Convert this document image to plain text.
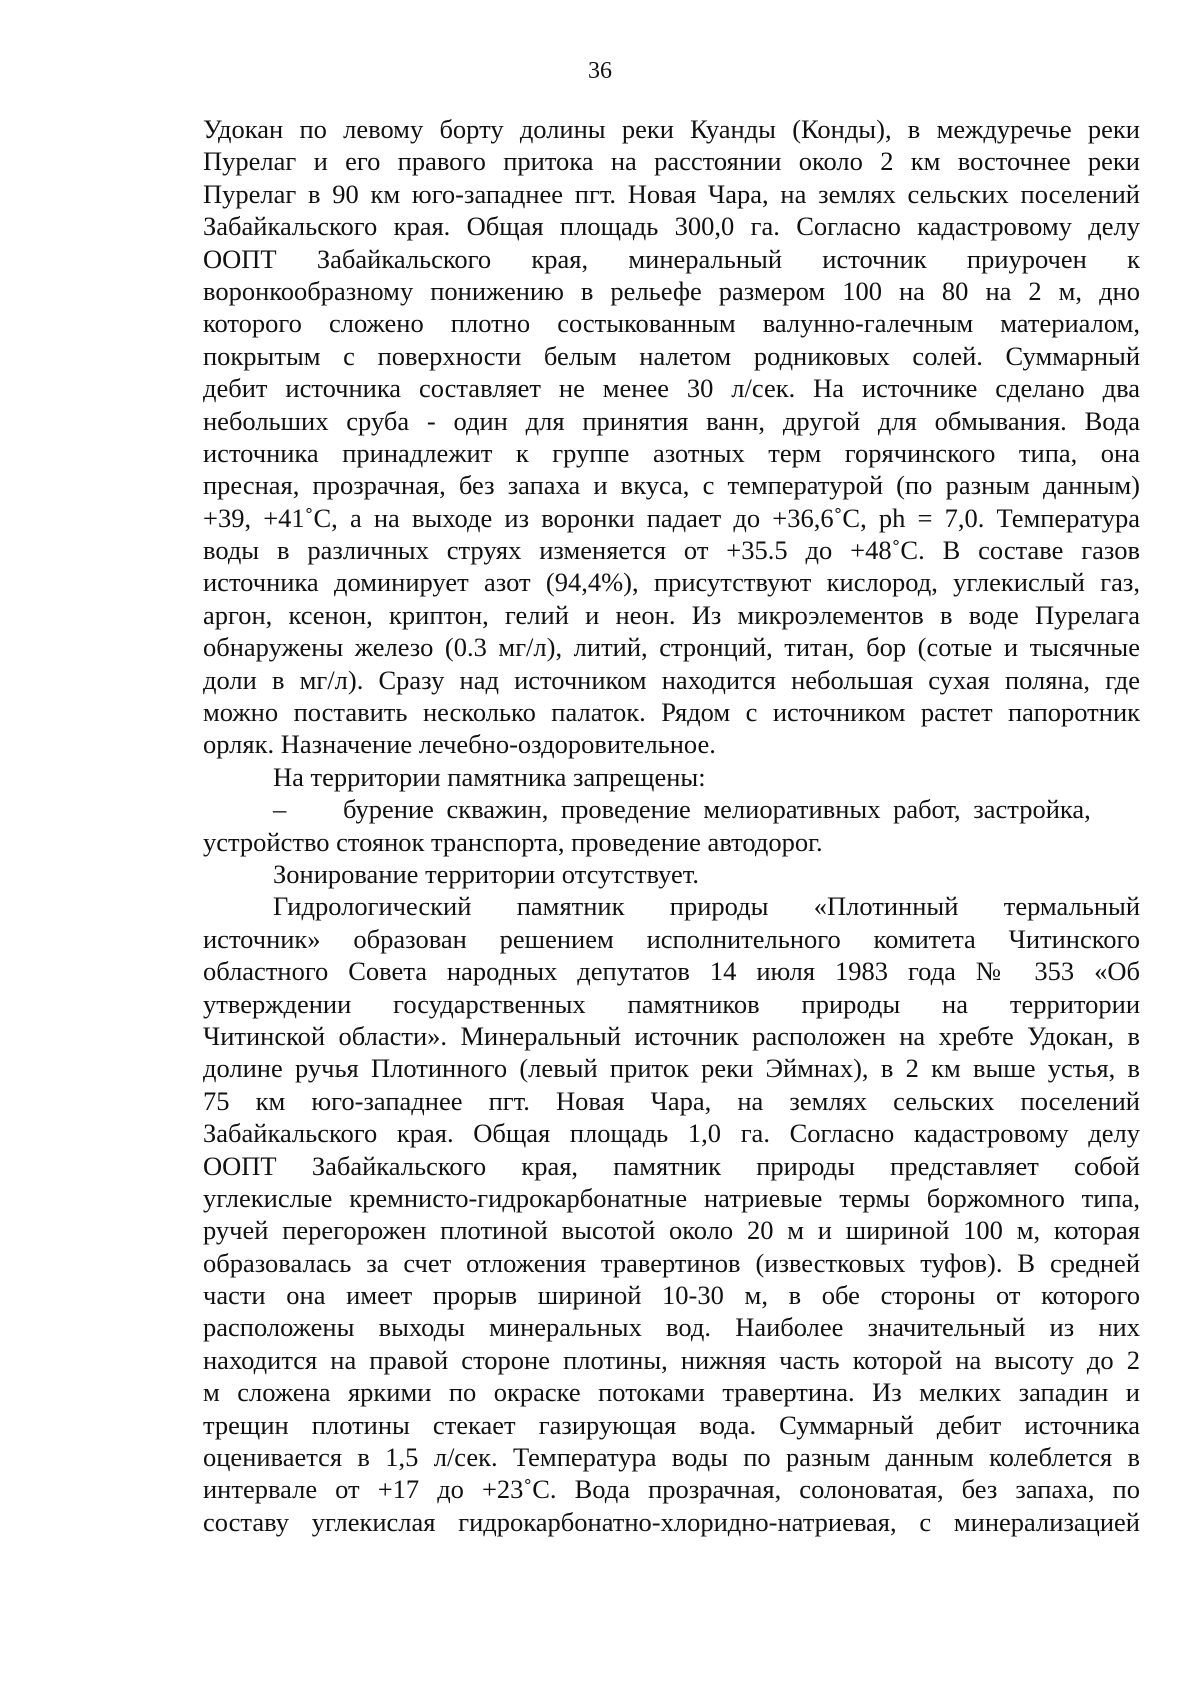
36
Удокан по левому борту долины реки Куанды (Конды), в междуречье реки
Пурелаг и его правого притока на расстоянии около 2 км восточнее реки
Пурелаг в 90 км юго-западнее пгт. Новая Чара, на землях сельских поселений
Забайкальского края. Общая площадь 300,0 га. Согласно кадастровому делу
ООПТ Забайкальского края, минеральный источник приурочен к
воронкообразному понижению в рельефе размером 100 на 80 на 2 м, дно
которого сложено плотно состыкованным валунно-галечным материалом,
покрытым с поверхности белым налетом родниковых солей. Суммарный
дебит источника составляет не менее 30 л/сек. На источнике сделано два
небольших сруба - один для принятия ванн, другой для обмывания. Вода
источника принадлежит к группе азотных терм горячинского типа, она
пресная, прозрачная, без запаха и вкуса, с температурой (по разным данным)
+39, +41˚С, а на выходе из воронки падает до +36,6˚С, ph = 7,0. Температура
воды в различных струях изменяется от +35.5 до +48˚С. В составе газов
источника доминирует азот (94,4%), присутствуют кислород, углекислый газ,
аргон, ксенон, криптон, гелий и неон. Из микроэлементов в воде Пурелага
обнаружены железо (0.3 мг/л), литий, стронций, титан, бор (сотые и тысячные
доли в мг/л). Сразу над источником находится небольшая сухая поляна, где
можно поставить несколько палаток. Рядом с источником растет папоротник
орляк. Назначение лечебно-оздоровительное.
На территории памятника запрещены:
– бурение скважин, проведение мелиоративных работ, застройка,
устройство стоянок транспорта, проведение автодорог.
Зонирование территории отсутствует.
Гидрологический памятник природы «Плотинный термальный
источник» образован решением исполнительного комитета Читинского
областного Совета народных депутатов 14 июля 1983 года № 353 «Об
утверждении государственных памятников природы на территории
Читинской области». Минеральный источник расположен на хребте Удокан, в
долине ручья Плотинного (левый приток реки Эймнах), в 2 км выше устья, в
75 км юго-западнее пгт. Новая Чара, на землях сельских поселений
Забайкальского края. Общая площадь 1,0 га. Согласно кадастровому делу
ООПТ Забайкальского края, памятник природы представляет собой
углекислые кремнисто-гидрокарбонатные натриевые термы боржомного типа,
ручей перегорожен плотиной высотой около 20 м и шириной 100 м, которая
образовалась за счет отложения травертинов (известковых туфов). В средней
части она имеет прорыв шириной 10-30 м, в обе стороны от которого
расположены выходы минеральных вод. Наиболее значительный из них
находится на правой стороне плотины, нижняя часть которой на высоту до 2
м сложена яркими по окраске потоками травертина. Из мелких западин и
трещин плотины стекает газирующая вода. Суммарный дебит источника
оценивается в 1,5 л/сек. Температура воды по разным данным колеблется в
интервале от +17 до +23˚С. Вода прозрачная, солоноватая, без запаха, по
составу углекислая гидрокарбонатно-хлоридно-натриевая, с минерализацией
